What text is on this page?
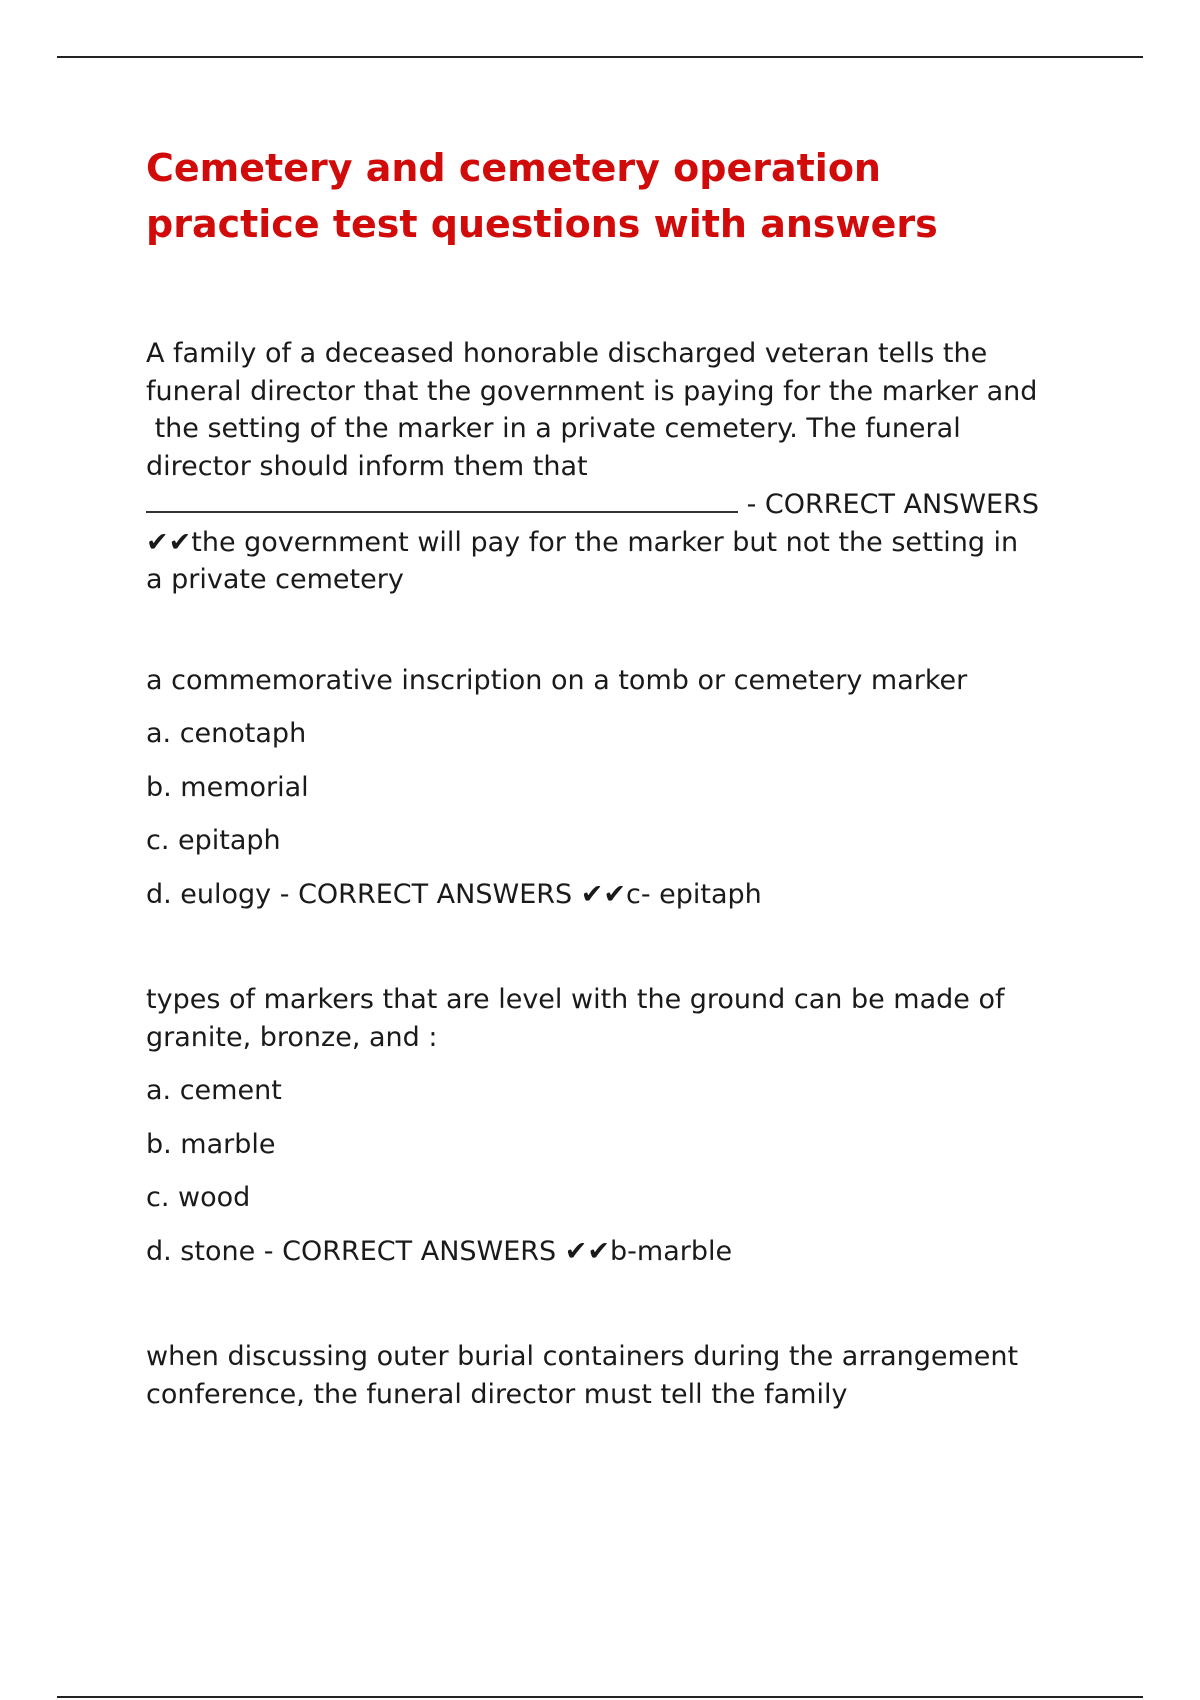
Cemetery and cemetery operation
practice test questions with answers
A family of a deceased honorable discharged veteran tells the
funeral director that the government is paying for the marker and
the setting of the marker in a private cemetery. The funeral
director should inform them that
- CORRECT ANSWERS
✔✔the government will pay for the marker but not the setting in
a private cemetery
a commemorative inscription on a tomb or cemetery marker
a. cenotaph
b. memorial
c. epitaph
d. eulogy - CORRECT ANSWERS ✔✔c- epitaph
types of markers that are level with the ground can be made of
granite, bronze, and :
a. cement
b. marble
c. wood
d. stone - CORRECT ANSWERS ✔✔b-marble
when discussing outer burial containers during the arrangement
conference, the funeral director must tell the family
